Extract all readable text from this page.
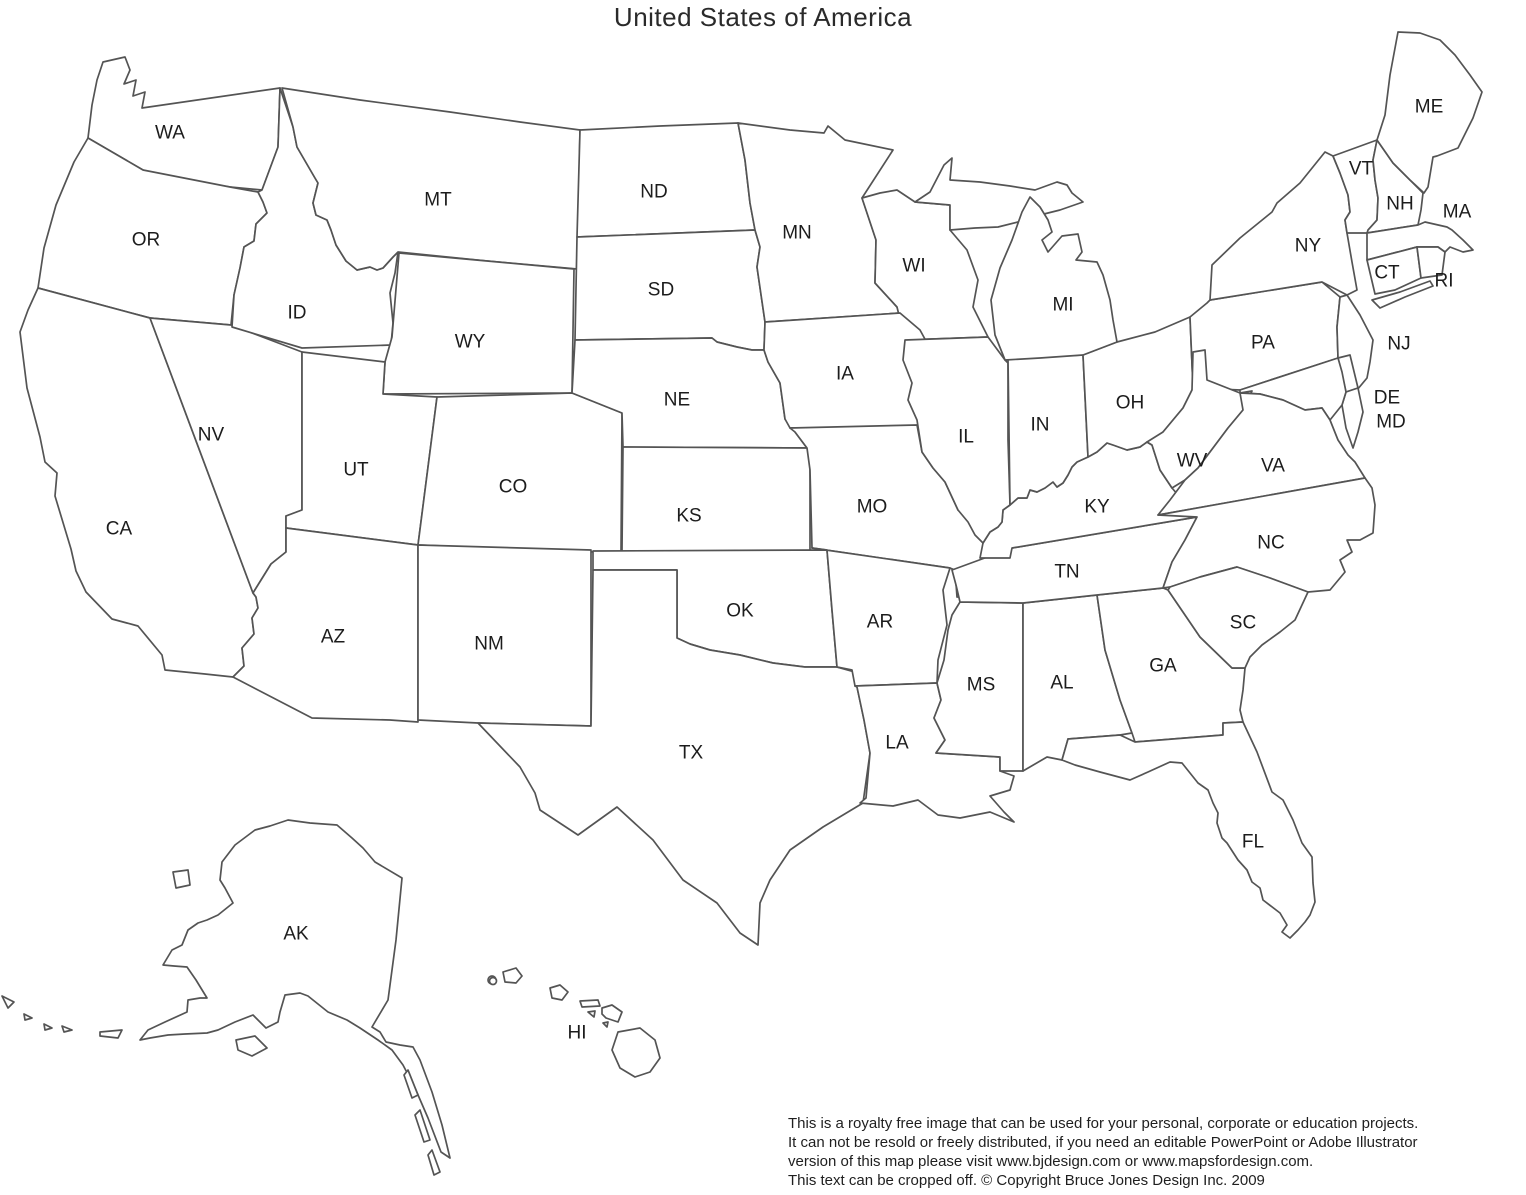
WA
OR
CA
NV
ID
MT
WY
UT
CO
AZ	NM
ND
SD
NE
KS
OK
TX
MN
IA
MO
AR
LA
WI
IL
IN
MI
OH
KY
TN
MS	AL
GA
FL
SC
NC
VA
WV
PA
NY
NJ
DE
MD
CT RI
MA
VT
NH
ME
AK
HI
United States of America
This is a royalty free image that can be used for your personal, corporate or education projects.
It can not be resold or freely distributed, if you need an editable PowerPoint or Adobe Illustrator
version of this map please visit www.bjdesign.com or www.mapsfordesign.com.
This text can be cropped off. © Copyright Bruce Jones Design Inc. 2009
